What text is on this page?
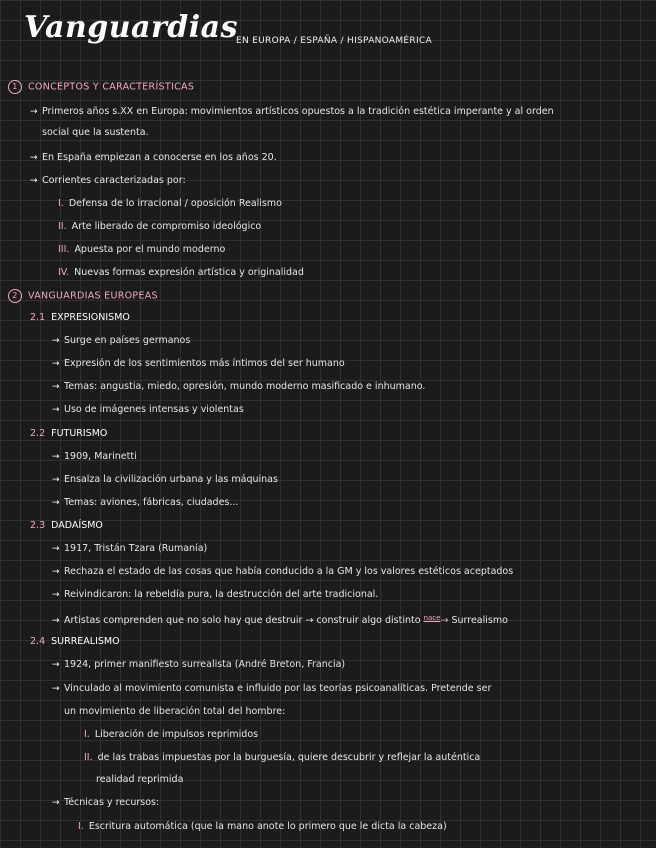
Vanguardias
EN EUROPA / ESPAÑA / HISPANOAMÉRICA
1 CONCEPTOS Y CARACTERÍSTICAS
→ Primeros años s.XX en Europa: movimientos artísticos opuestos a la tradición estética imperante y al orden
social que la sustenta.
→ En España empiezan a conocerse en los años 20.
→ Corrientes caracterizadas por:
I. Defensa de lo irracional / oposición Realismo
II. Arte liberado de compromiso ideológico
III. Apuesta por el mundo moderno
IV. Nuevas formas expresión artística y originalidad
2 VANGUARDIAS EUROPEAS
2.1 EXPRESIONISMO
→ Surge en países germanos
→ Expresión de los sentimientos más íntimos del ser humano
→ Temas: angustia, miedo, opresión, mundo moderno masificado e inhumano.
→ Uso de imágenes intensas y violentas
2.2 FUTURISMO
→ 1909, Marinetti
→ Ensalza la civilización urbana y las máquinas
→ Temas: aviones, fábricas, ciudades...
2.3 DADAÍSMO
→ 1917, Tristán Tzara (Rumanía)
→ Rechaza el estado de las cosas que había conducido a la GM y los valores estéticos aceptados
→ Reivindicaron: la rebeldía pura, la destrucción del arte tradicional.
→ Artistas comprenden que no solo hay que destruir → construir algo distinto $^{nace}$→ Surrealismo
2.4 SURREALISMO
→ 1924, primer manifiesto surrealista (André Breton, Francia)
→ Vinculado al movimiento comunista e influido por las teorías psicoanalíticas. Pretende ser
un movimiento de liberación total del hombre:
I. Liberación de impulsos reprimidos
II. de las trabas impuestas por la burguesía, quiere descubrir y reflejar la auténtica
realidad reprimida
→ Técnicas y recursos:
I. Escritura automática (que la mano anote lo primero que le dicta la cabeza)
